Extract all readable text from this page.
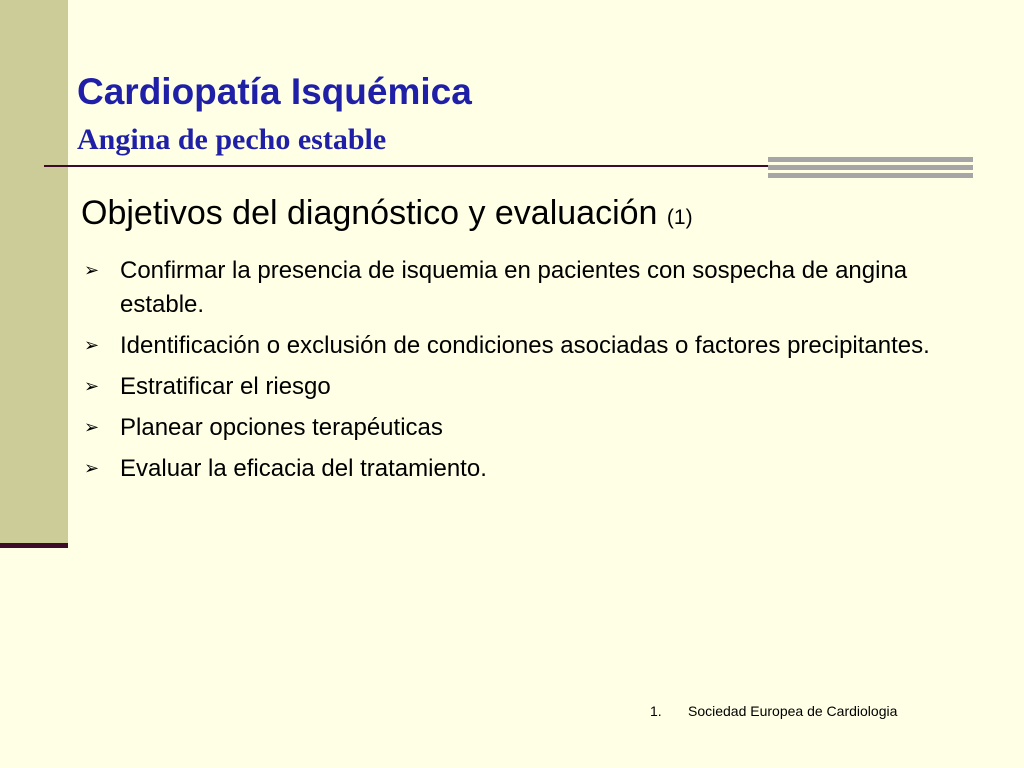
Cardiopatía Isquémica
Angina de pecho estable
Objetivos del diagnóstico y evaluación (1)
➢ Confirmar la presencia de isquemia en pacientes con sospecha de angina estable.
➢ Identificación o exclusión de condiciones asociadas o factores precipitantes.
➢ Estratificar el riesgo
➢ Planear opciones terapéuticas
➢ Evaluar la eficacia del tratamiento.
1. Sociedad Europea de Cardiologia
